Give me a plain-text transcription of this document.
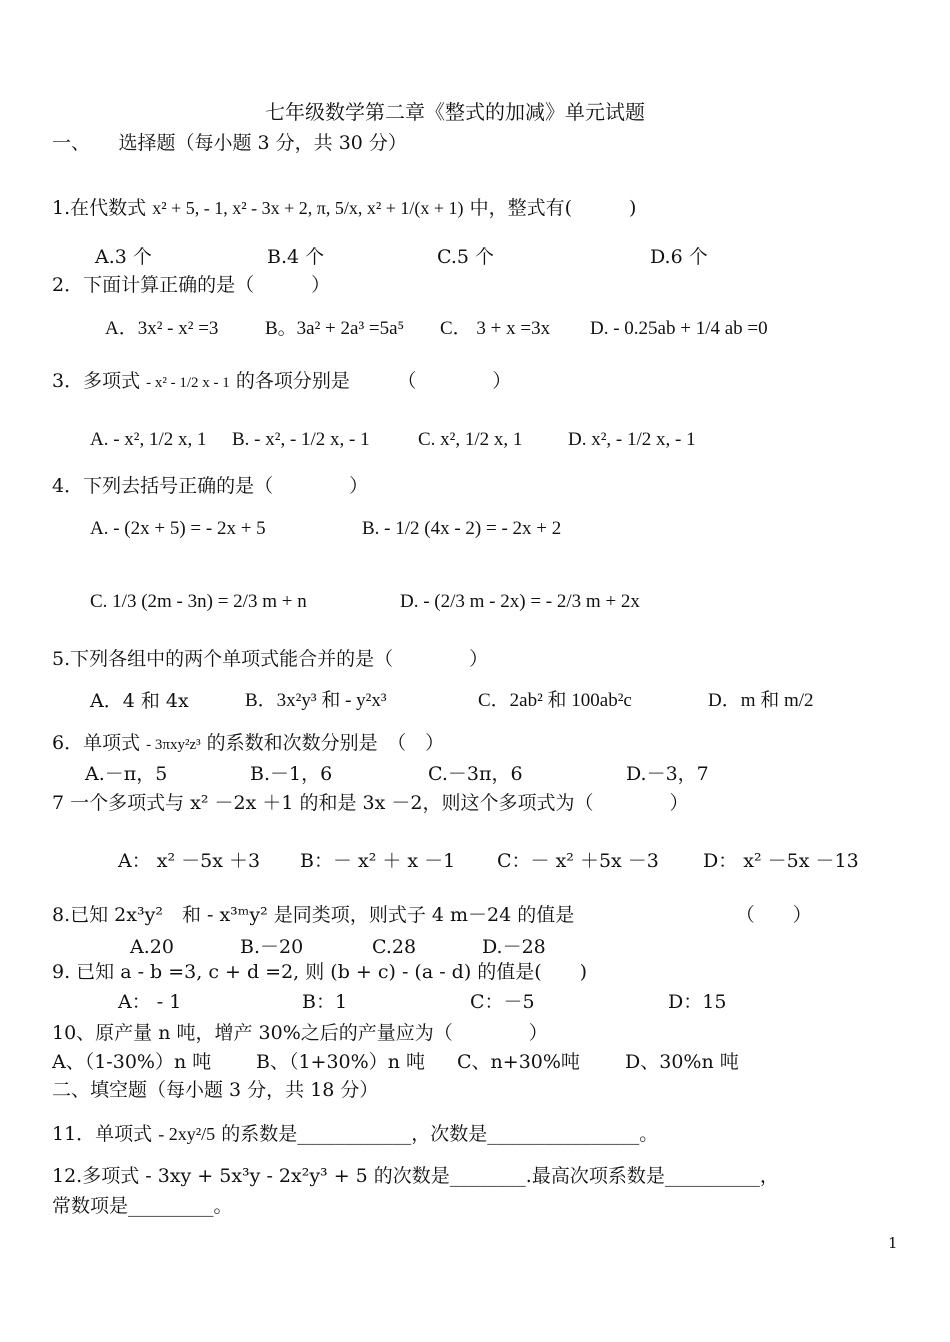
七年级数学第二章《整式的加减》单元试题
一、　　选择题（每小题 3 分，共 30 分）
1.在代数式 x² + 5, - 1, x² - 3x + 2, π, 5/x, x² + 1/(x + 1) 中，整式有(　　　)
A.3 个	B.4 个	C.5 个	D.6 个
2．下面计算正确的是（　　　）
A．3x² - x² =3 B。3a² + 2a³ =5a⁵ C． 3 + x =3x D. - 0.25ab + 1/4 ab =0
3．多项式 - x² - 1/2 x - 1 的各项分别是　　　（　　　　）
A. - x², 1/2 x, 1 B. - x², - 1/2 x, - 1	C. x², 1/2 x, 1 D. x², - 1/2 x, - 1
4．下列去括号正确的是（　　　　）
A. - (2x + 5) = - 2x + 5	B. - 1/2 (4x - 2) = - 2x + 2
C. 1/3 (2m - 3n) = 2/3 m + n	D. - (2/3 m - 2x) = - 2/3 m + 2x
5.下列各组中的两个单项式能合并的是（　　　　）
A．4 和 4x	B．3x²y³ 和 - y²x³	C．2ab² 和 100ab²c	D．m 和 m/2
6．单项式 - 3πxy²z³ 的系数和次数分别是　（　）
A.－π，5	B.－1，6	C.－3π，6	D.－3，7
7 一个多项式与 x² －2x ＋1 的和是 3x －2，则这个多项式为（　　　　）
A： x² －5x ＋3 B：－ x² ＋ x －1 C：－ x² ＋5x －3 D： x² －5x －13
8.已知 2x³y²　和 - x³ᵐy² 是同类项，则式子 4 m－24 的值是　　　　　　　　　（　　）
A.20	B.－20	C.28	D.－28
9. 已知 a - b =3, c + d =2, 则 (b + c) - (a - d) 的值是(　　)
A： - 1	B：1	C：－5	D：15
10、原产量 n 吨，增产 30%之后的产量应为（　　　　）
A、（1-30%）n 吨 B、（1+30%）n 吨 C、n+30%吨 D、30%n 吨
二、填空题（每小题 3 分，共 18 分）
11．单项式 - 2xy²/5 的系数是____________，次数是________________。
12.多项式 - 3xy + 5x³y - 2x²y³ + 5 的次数是________.最高次项系数是__________，
常数项是_________。
1
